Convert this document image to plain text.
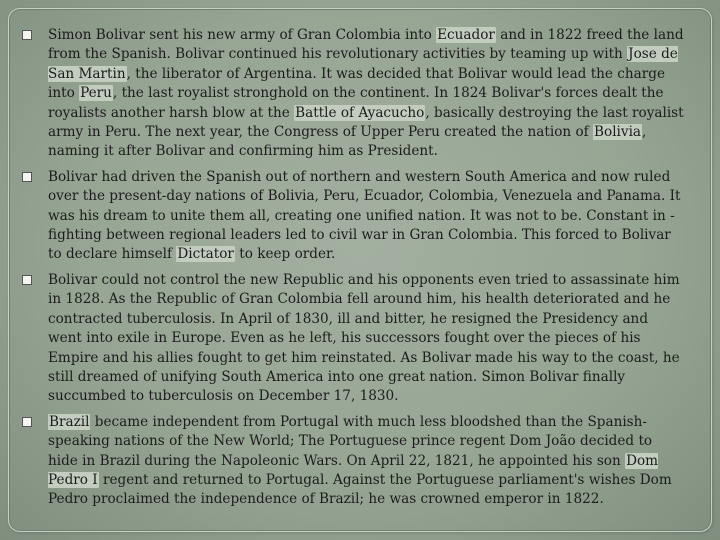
Simon Bolivar sent his new army of Gran Colombia into Ecuador and in 1822 freed the land from the Spanish. Bolivar continued his revolutionary activities by teaming up with Jose de San Martin, the liberator of Argentina. It was decided that Bolivar would lead the charge into Peru, the last royalist stronghold on the continent. In 1824 Bolivar's forces dealt the royalists another harsh blow at the Battle of Ayacucho, basically destroying the last royalist army in Peru. The next year, the Congress of Upper Peru created the nation of Bolivia, naming it after Bolivar and confirming him as President.
Bolivar had driven the Spanish out of northern and western South America and now ruled over the present-day nations of Bolivia, Peru, Ecuador, Colombia, Venezuela and Panama. It was his dream to unite them all, creating one unified nation. It was not to be. Constant in -fighting between regional leaders led to civil war in Gran Colombia. This forced to Bolivar to declare himself Dictator to keep order.
Bolivar could not control the new Republic and his opponents even tried to assassinate him in 1828. As the Republic of Gran Colombia fell around him, his health deteriorated and he contracted tuberculosis. In April of 1830, ill and bitter, he resigned the Presidency and went into exile in Europe. Even as he left, his successors fought over the pieces of his Empire and his allies fought to get him reinstated. As Bolivar made his way to the coast, he still dreamed of unifying South America into one great nation. Simon Bolivar finally succumbed to tuberculosis on December 17, 1830.
Brazil became independent from Portugal with much less bloodshed than the Spanish-speaking nations of the New World; The Portuguese prince regent Dom João decided to hide in Brazil during the Napoleonic Wars. On April 22, 1821, he appointed his son Dom Pedro I regent and returned to Portugal. Against the Portuguese parliament's wishes Dom Pedro proclaimed the independence of Brazil; he was crowned emperor in 1822.
